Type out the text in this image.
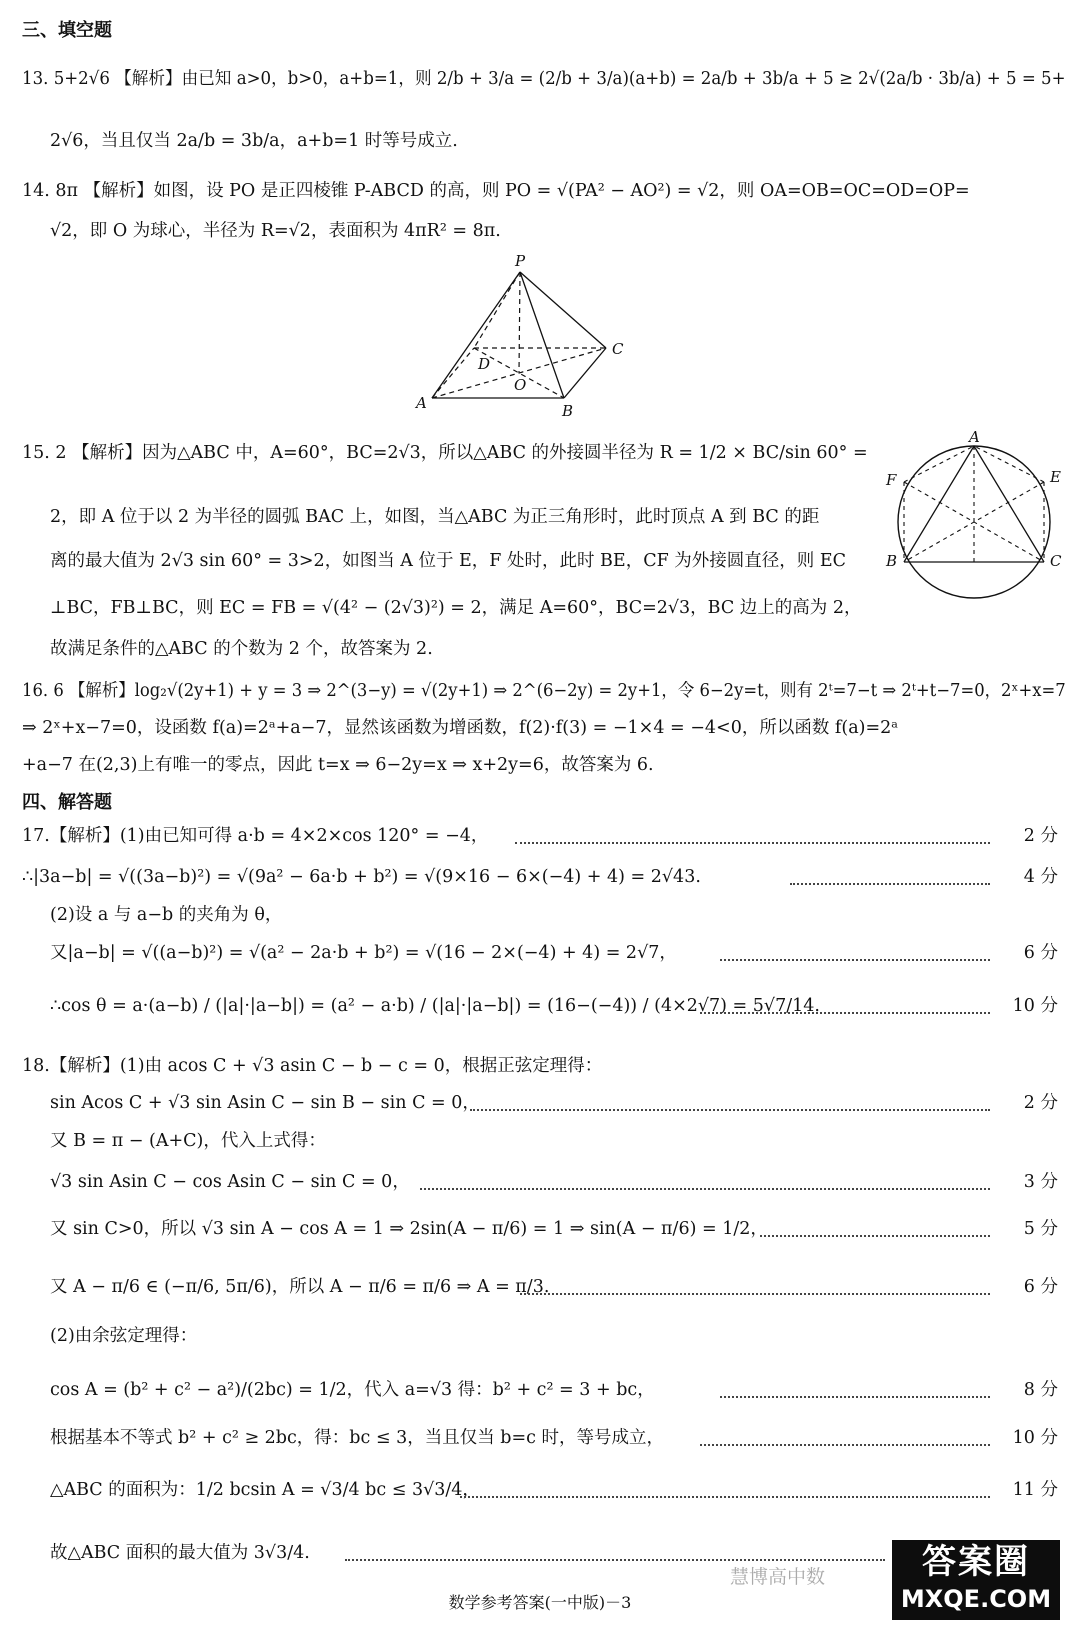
三、填空题
13. 5+2√6 【解析】由已知 a>0，b>0，a+b=1，则 2/b + 3/a = (2/b + 3/a)(a+b) = 2a/b + 3b/a + 5 ≥ 2√(2a/b · 3b/a) + 5 = 5+
2√6，当且仅当 2a/b = 3b/a，a+b=1 时等号成立.
14. 8π 【解析】如图，设 PO 是正四棱锥 P-ABCD 的高，则 PO = √(PA² − AO²) = √2，则 OA=OB=OC=OD=OP=
√2，即 O 为球心，半径为 R=√2，表面积为 4πR² = 8π.
P
C
D
O
A	B
15. 2 【解析】因为△ABC 中，A=60°，BC=2√3，所以△ABC 的外接圆半径为 R = 1/2 × BC/sin 60° =
2，即 A 位于以 2 为半径的圆弧 BAC 上，如图，当△ABC 为正三角形时，此时顶点 A 到 BC 的距
离的最大值为 2√3 sin 60° = 3>2，如图当 A 位于 E，F 处时，此时 BE，CF 为外接圆直径，则 EC
⊥BC，FB⊥BC，则 EC = FB = √(4² − (2√3)²) = 2，满足 A=60°，BC=2√3，BC 边上的高为 2，
故满足条件的△ABC 的个数为 2 个，故答案为 2.
A
F	E
B	C
16. 6 【解析】log₂√(2y+1) + y = 3 ⇒ 2^(3−y) = √(2y+1) ⇒ 2^(6−2y) = 2y+1，令 6−2y=t，则有 2ᵗ=7−t ⇒ 2ᵗ+t−7=0，2ˣ+x=7
⇒ 2ˣ+x−7=0，设函数 f(a)=2ᵃ+a−7，显然该函数为增函数，f(2)·f(3) = −1×4 = −4<0，所以函数 f(a)=2ᵃ
+a−7 在(2,3)上有唯一的零点，因此 t=x ⇒ 6−2y=x ⇒ x+2y=6，故答案为 6.
四、解答题
17.【解析】(1)由已知可得 a·b = 4×2×cos 120° = −4，	2 分
∴|3a−b| = √((3a−b)²) = √(9a² − 6a·b + b²) = √(9×16 − 6×(−4) + 4) = 2√43.	4 分
(2)设 a 与 a−b 的夹角为 θ，
又|a−b| = √((a−b)²) = √(a² − 2a·b + b²) = √(16 − 2×(−4) + 4) = 2√7，	6 分
∴cos θ = a·(a−b) / (|a|·|a−b|) = (a² − a·b) / (|a|·|a−b|) = (16−(−4)) / (4×2√7) = 5√7/14.	10 分
18.【解析】(1)由 acos C + √3 asin C − b − c = 0，根据正弦定理得：
sin Acos C + √3 sin Asin C − sin B − sin C = 0，	2 分
又 B = π − (A+C)，代入上式得：
√3 sin Asin C − cos Asin C − sin C = 0，	3 分
又 sin C>0，所以 √3 sin A − cos A = 1 ⇒ 2sin(A − π/6) = 1 ⇒ sin(A − π/6) = 1/2，	5 分
又 A − π/6 ∈ (−π/6, 5π/6)，所以 A − π/6 = π/6 ⇒ A = π/3.	6 分
(2)由余弦定理得：
cos A = (b² + c² − a²)/(2bc) = 1/2，代入 a=√3 得：b² + c² = 3 + bc，	8 分
根据基本不等式 b² + c² ≥ 2bc，得：bc ≤ 3，当且仅当 b=c 时，等号成立，	10 分
△ABC 的面积为：1/2 bcsin A = √3/4 bc ≤ 3√3/4，	11 分
故△ABC 面积的最大值为 3√3/4.
数学参考答案(一中版)－3
慧博高中数	答案圈
MXQE.COM
